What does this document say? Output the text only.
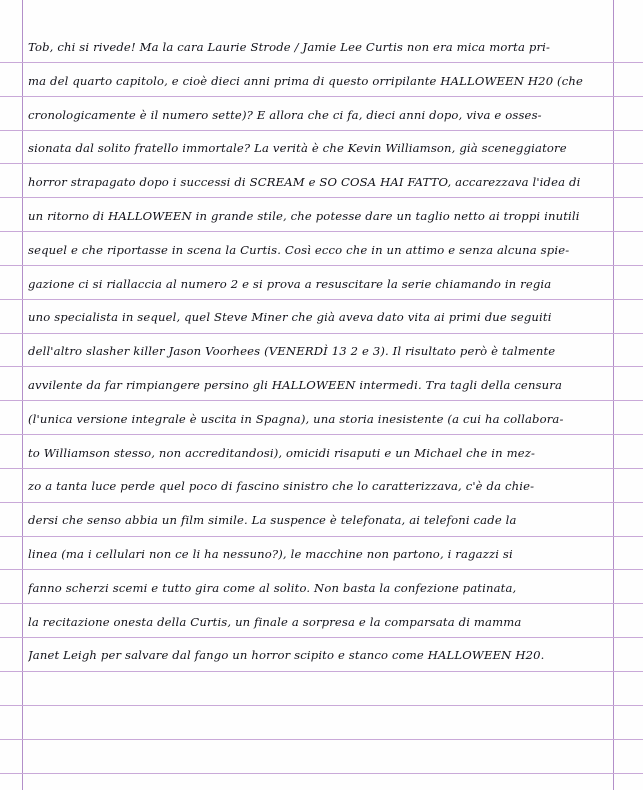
Tob, chi si rivede! Ma la cara Laurie Strode / Jamie Lee Curtis non era mica morta pri-
ma del quarto capitolo, e cioè dieci anni prima di questo orripilante HALLOWEEN H20 (che
cronologicamente è il numero sette)? E allora che ci fa, dieci anni dopo, viva e osses-
sionata dal solito fratello immortale? La verità è che Kevin Williamson, già sceneggiatore
horror strapagato dopo i successi di SCREAM e SO COSA HAI FATTO, accarezzava l'idea di
un ritorno di HALLOWEEN in grande stile, che potesse dare un taglio netto ai troppi inutili
sequel e che riportasse in scena la Curtis. Così ecco che in un attimo e senza alcuna spie-
gazione ci si riallaccia al numero 2 e si prova a resuscitare la serie chiamando in regia
uno specialista in sequel, quel Steve Miner che già aveva dato vita ai primi due seguiti
dell'altro slasher killer Jason Voorhees (VENERDÌ 13 2 e 3). Il risultato però è talmente
avvilente da far rimpiangere persino gli HALLOWEEN intermedi. Tra tagli della censura
(l'unica versione integrale è uscita in Spagna), una storia inesistente (a cui ha collabora-
to Williamson stesso, non accreditandosi), omicidi risaputi e un Michael che in mez-
zo a tanta luce perde quel poco di fascino sinistro che lo caratterizzava, c'è da chie-
dersi che senso abbia un film simile. La suspence è telefonata, ai telefoni cade la
linea (ma i cellulari non ce li ha nessuno?), le macchine non partono, i ragazzi si
fanno scherzi scemi e tutto gira come al solito. Non basta la confezione patinata,
la recitazione onesta della Curtis, un finale a sorpresa e la comparsata di mamma
Janet Leigh per salvare dal fango un horror scipito e stanco come HALLOWEEN H20.
